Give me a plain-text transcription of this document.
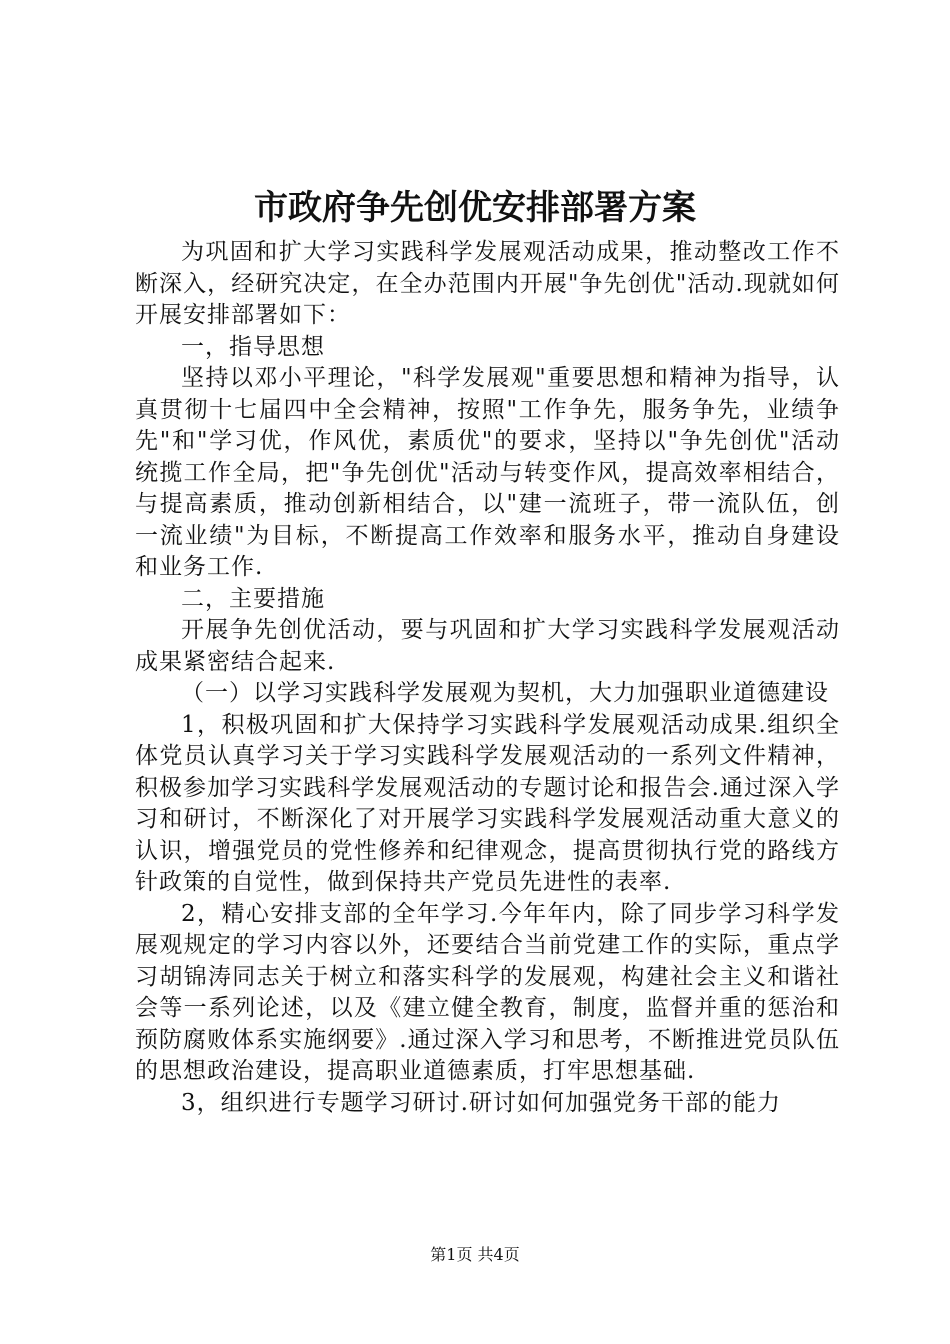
市政府争先创优安排部署方案

为巩固和扩大学习实践科学发展观活动成果，推动整改工作不断深入，经研究决定，在全办范围内开展"争先创优"活动.现就如何开展安排部署如下：

一，指导思想

坚持以邓小平理论，"科学发展观"重要思想和精神为指导，认真贯彻十七届四中全会精神，按照"工作争先，服务争先，业绩争先"和"学习优，作风优，素质优"的要求，坚持以"争先创优"活动统揽工作全局，把"争先创优"活动与转变作风，提高效率相结合，与提高素质，推动创新相结合，以"建一流班子，带一流队伍，创一流业绩"为目标，不断提高工作效率和服务水平，推动自身建设和业务工作.

二，主要措施

开展争先创优活动，要与巩固和扩大学习实践科学发展观活动成果紧密结合起来.

（一）以学习实践科学发展观为契机，大力加强职业道德建设

1，积极巩固和扩大保持学习实践科学发展观活动成果.组织全体党员认真学习关于学习实践科学发展观活动的一系列文件精神，积极参加学习实践科学发展观活动的专题讨论和报告会.通过深入学习和研讨，不断深化了对开展学习实践科学发展观活动重大意义的认识，增强党员的党性修养和纪律观念，提高贯彻执行党的路线方针政策的自觉性，做到保持共产党员先进性的表率.

2，精心安排支部的全年学习.今年年内，除了同步学习科学发展观规定的学习内容以外，还要结合当前党建工作的实际，重点学习胡锦涛同志关于树立和落实科学的发展观，构建社会主义和谐社会等一系列论述，以及《建立健全教育，制度，监督并重的惩治和预防腐败体系实施纲要》.通过深入学习和思考，不断推进党员队伍的思想政治建设，提高职业道德素质，打牢思想基础.

3，组织进行专题学习研讨.研讨如何加强党务干部的能力

第1页 共4页
